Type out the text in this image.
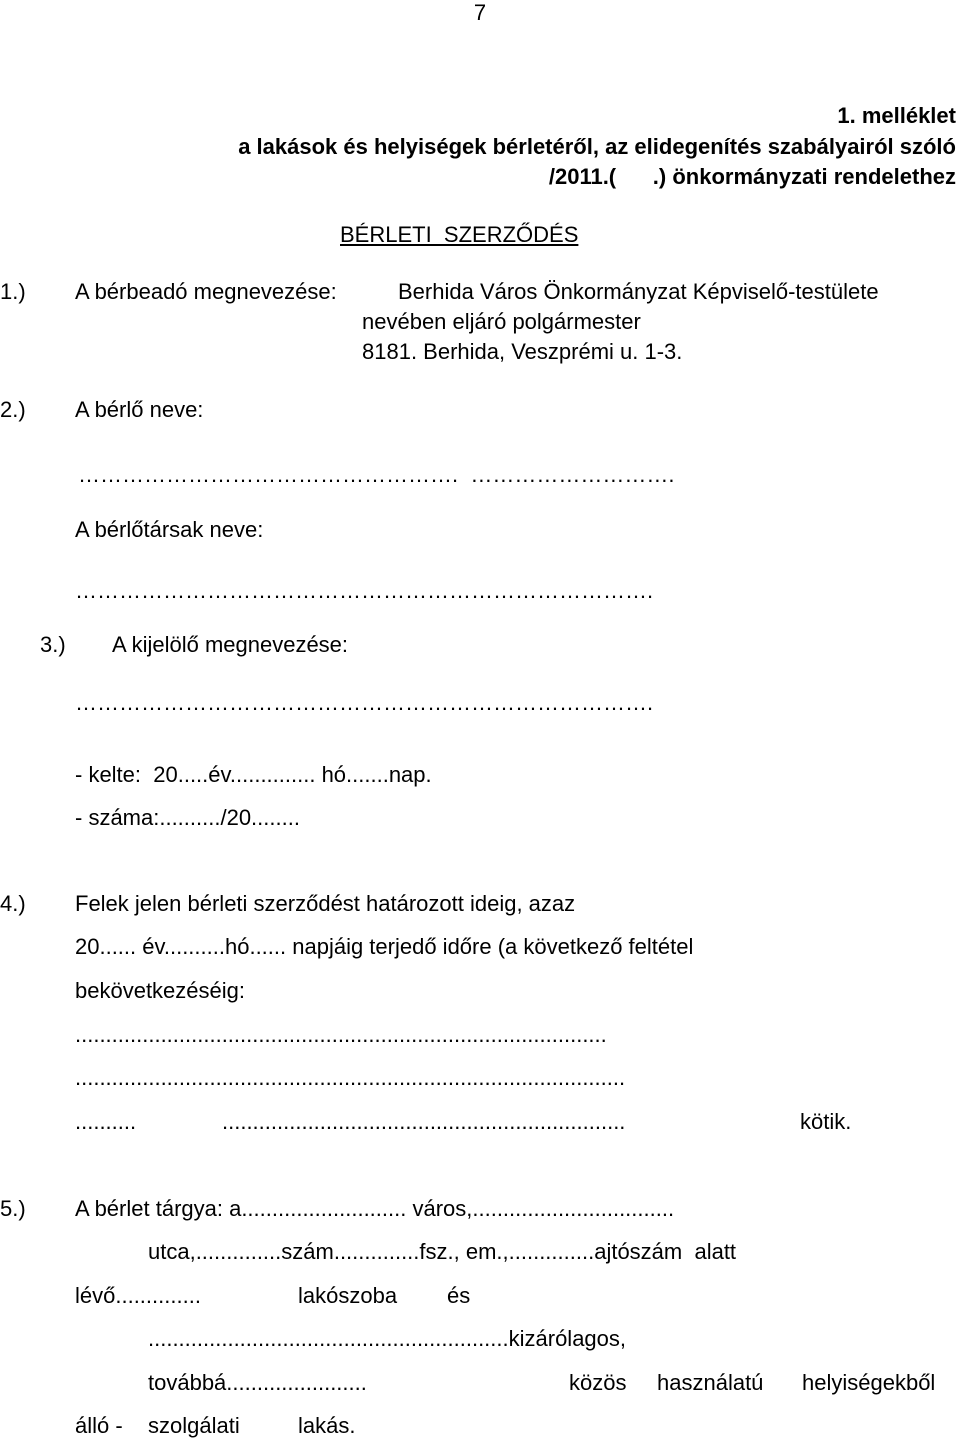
7
1. melléklet
a lakások és helyiségek bérletéről, az elidegenítés szabályairól szóló
/2011.(      .) önkormányzati rendelethez
BÉRLETI  SZERZŐDÉS
1.) A bérbeadó megnevezése:	Berhida Város Önkormányzat Képviselő-testülete
nevében eljáró polgármester
8181. Berhida, Veszprémi u. 1-3.
2.) A bérlő neve:
…………………………………………….  ……………………….
A bérlőtársak neve:
…………………………………………………………………….
3.) A kijelölő megnevezése:
…………………………………………………………………….
- kelte:  20.....év.............. hó.......nap.
- száma:........../20........
4.) Felek jelen bérleti szerződést határozott ideig, azaz
20...... év..........hó...... napjáig terjedő időre (a következő feltétel
bekövetkezéséig:
.......................................................................................
..........................................................................................
..........	..................................................................	kötik.
5.) A bérlet tárgya: a........................... város,.................................
utca,..............szám..............fsz., em.,..............ajtószám  alatt
lévő..............	lakószoba és
...........................................................kizárólagos,
továbbá.......................	közös használatú helyiségekből
álló - szolgálati	lakás.
